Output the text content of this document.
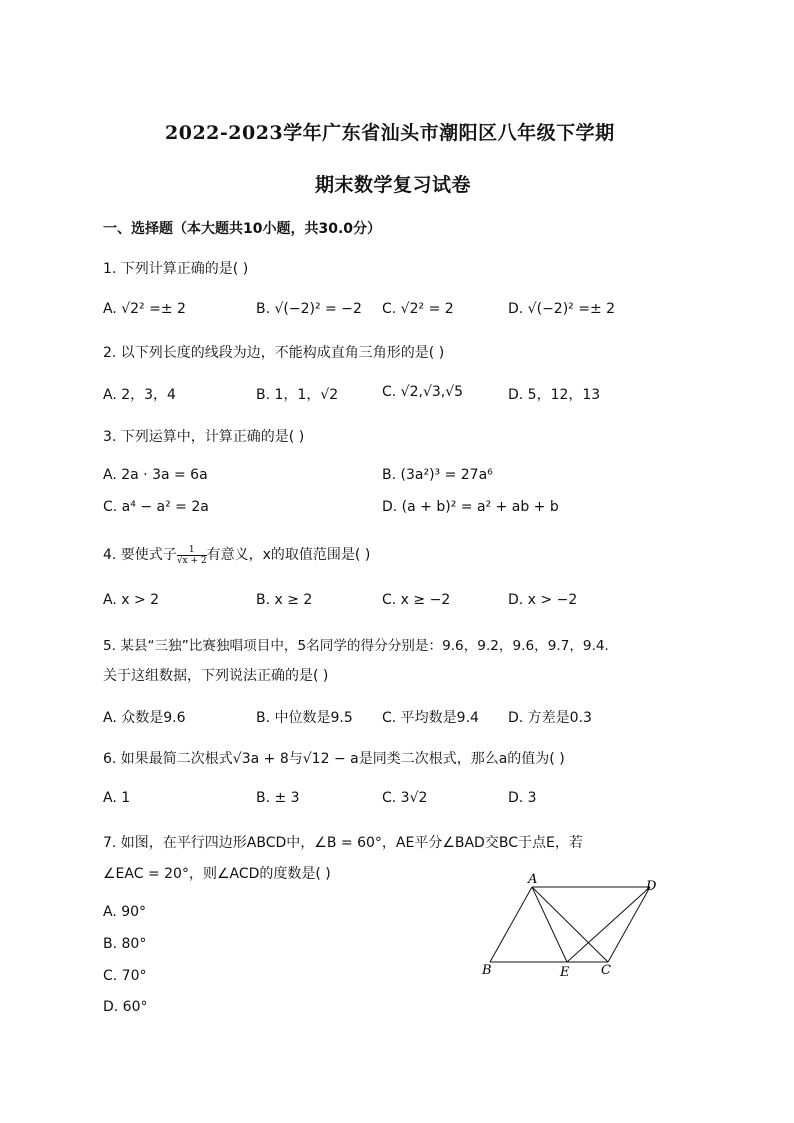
2022-2023学年广东省汕头市潮阳区八年级下学期
期末数学复习试卷
一、选择题（本大题共10小题，共30.0分）
1. 下列计算正确的是( )
A. √2² =± 2	B. √(−2)² = −2 C. √2² = 2	D. √(−2)² =± 2
2. 以下列长度的线段为边，不能构成直角三角形的是( )
A. 2，3，4	B. 1，1，√2	C. √2,√3,√5	D. 5，12，13
3. 下列运算中，计算正确的是( )
A. 2a · 3a = 6a	B. (3a²)³ = 27a⁶
C. a⁴ − a² = 2a	D. (a + b)² = a² + ab + b
4. 要使式子 $\frac{1}{√x + 2}$ 有意义，x的取值范围是( )
A. x > 2	B. x ≥ 2	C. x ≥ −2	D. x > −2
5. 某县“三独”比赛独唱项目中，5名同学的得分分别是：9.6，9.2，9.6，9.7，9.4.
关于这组数据，下列说法正确的是( )
A. 众数是9.6	B. 中位数是9.5 C. 平均数是9.4 D. 方差是0.3
6. 如果最简二次根式√3a + 8与√12 − a是同类二次根式，那么a的值为( )
A. 1	B. ± 3	C. 3√2	D. 3
7. 如图，在平行四边形ABCD中，∠B = 60°，AE平分∠BAD交BC于点E，若
∠EAC = 20°，则∠ACD的度数是( )
A. 90°
B. 80°
C. 70°
D. 60°
A	D
B	E C
